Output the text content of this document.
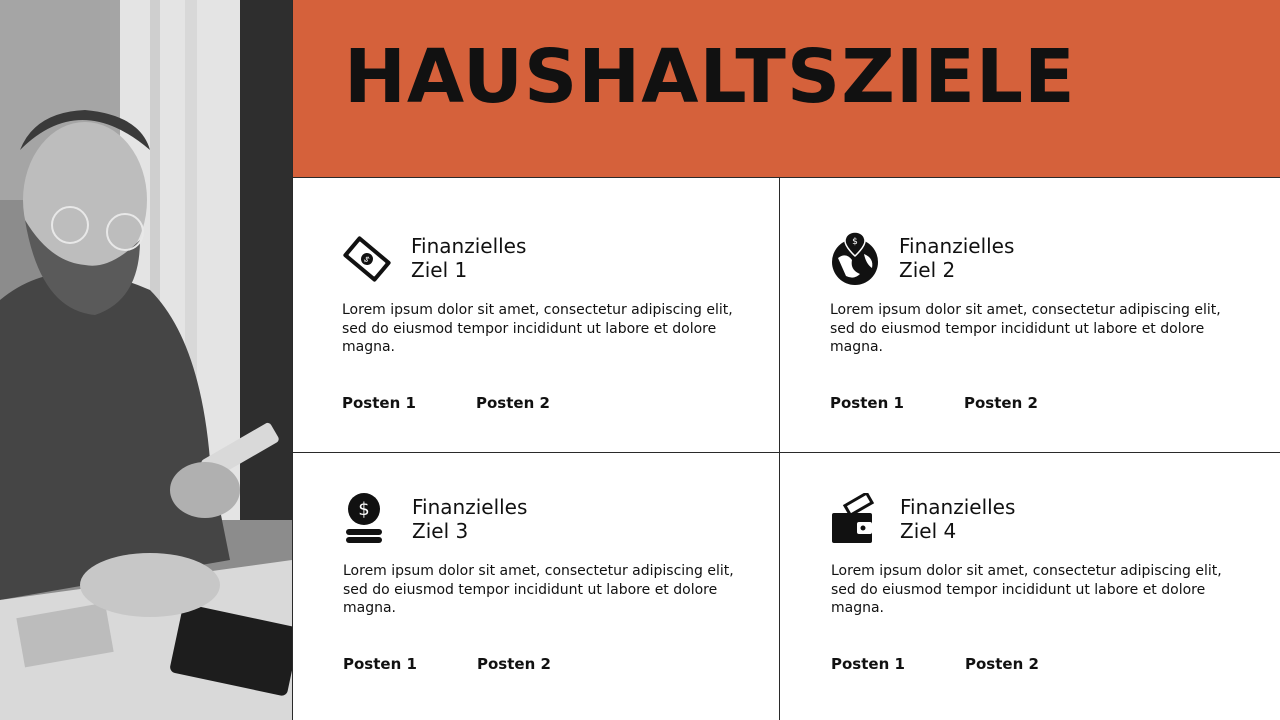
HAUSHALTSZIELE
$
Finanzielles
Ziel 1
Lorem ipsum dolor sit amet, consectetur adipiscing elit, sed do eiusmod tempor incididunt ut labore et dolore magna.
Posten 1	Posten 2
$ Finanzielles
Ziel 2
Lorem ipsum dolor sit amet, consectetur adipiscing elit, sed do eiusmod tempor incididunt ut labore et dolore magna.
Posten 1	Posten 2
$ Finanzielles
Ziel 3
Lorem ipsum dolor sit amet, consectetur adipiscing elit, sed do eiusmod tempor incididunt ut labore et dolore magna.
Posten 1	Posten 2
Finanzielles
Ziel 4
Lorem ipsum dolor sit amet, consectetur adipiscing elit, sed do eiusmod tempor incididunt ut labore et dolore magna.
Posten 1	Posten 2
